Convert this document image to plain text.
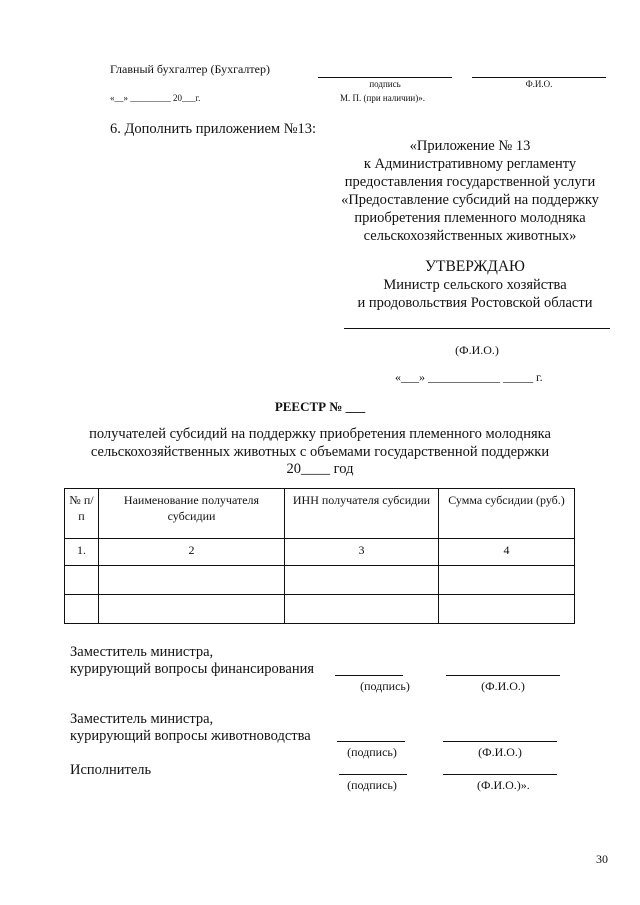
Главный бухгалтер (Бухгалтер)
подпись	Ф.И.О.
«__» _________ 20___г.	М. П. (при наличии)».
6. Дополнить приложением №13:
«Приложение № 13
к Административному регламенту
предоставления государственной услуги
«Предоставление субсидий на поддержку
приобретения племенного молодняка
сельскохозяйственных животных»
УТВЕРЖДАЮ
Министр сельского хозяйства
и продовольствия Ростовской области
(Ф.И.О.)
«___» ____________ _____ г.
РЕЕСТР № ___
получателей субсидий на поддержку приобретения племенного молодняка
сельскохозяйственных животных с объемами государственной поддержки
20____ год
№ п/п	Наименование получателя субсидии	ИНН получателя субсидии	Сумма субсидии (руб.)
1.	2	3	4

Заместитель министра,
курирующий вопросы финансирования
(подпись)	(Ф.И.О.)
Заместитель министра,
курирующий вопросы животноводства
(подпись)	(Ф.И.О.)
Исполнитель
(подпись)	(Ф.И.О.)».
30
